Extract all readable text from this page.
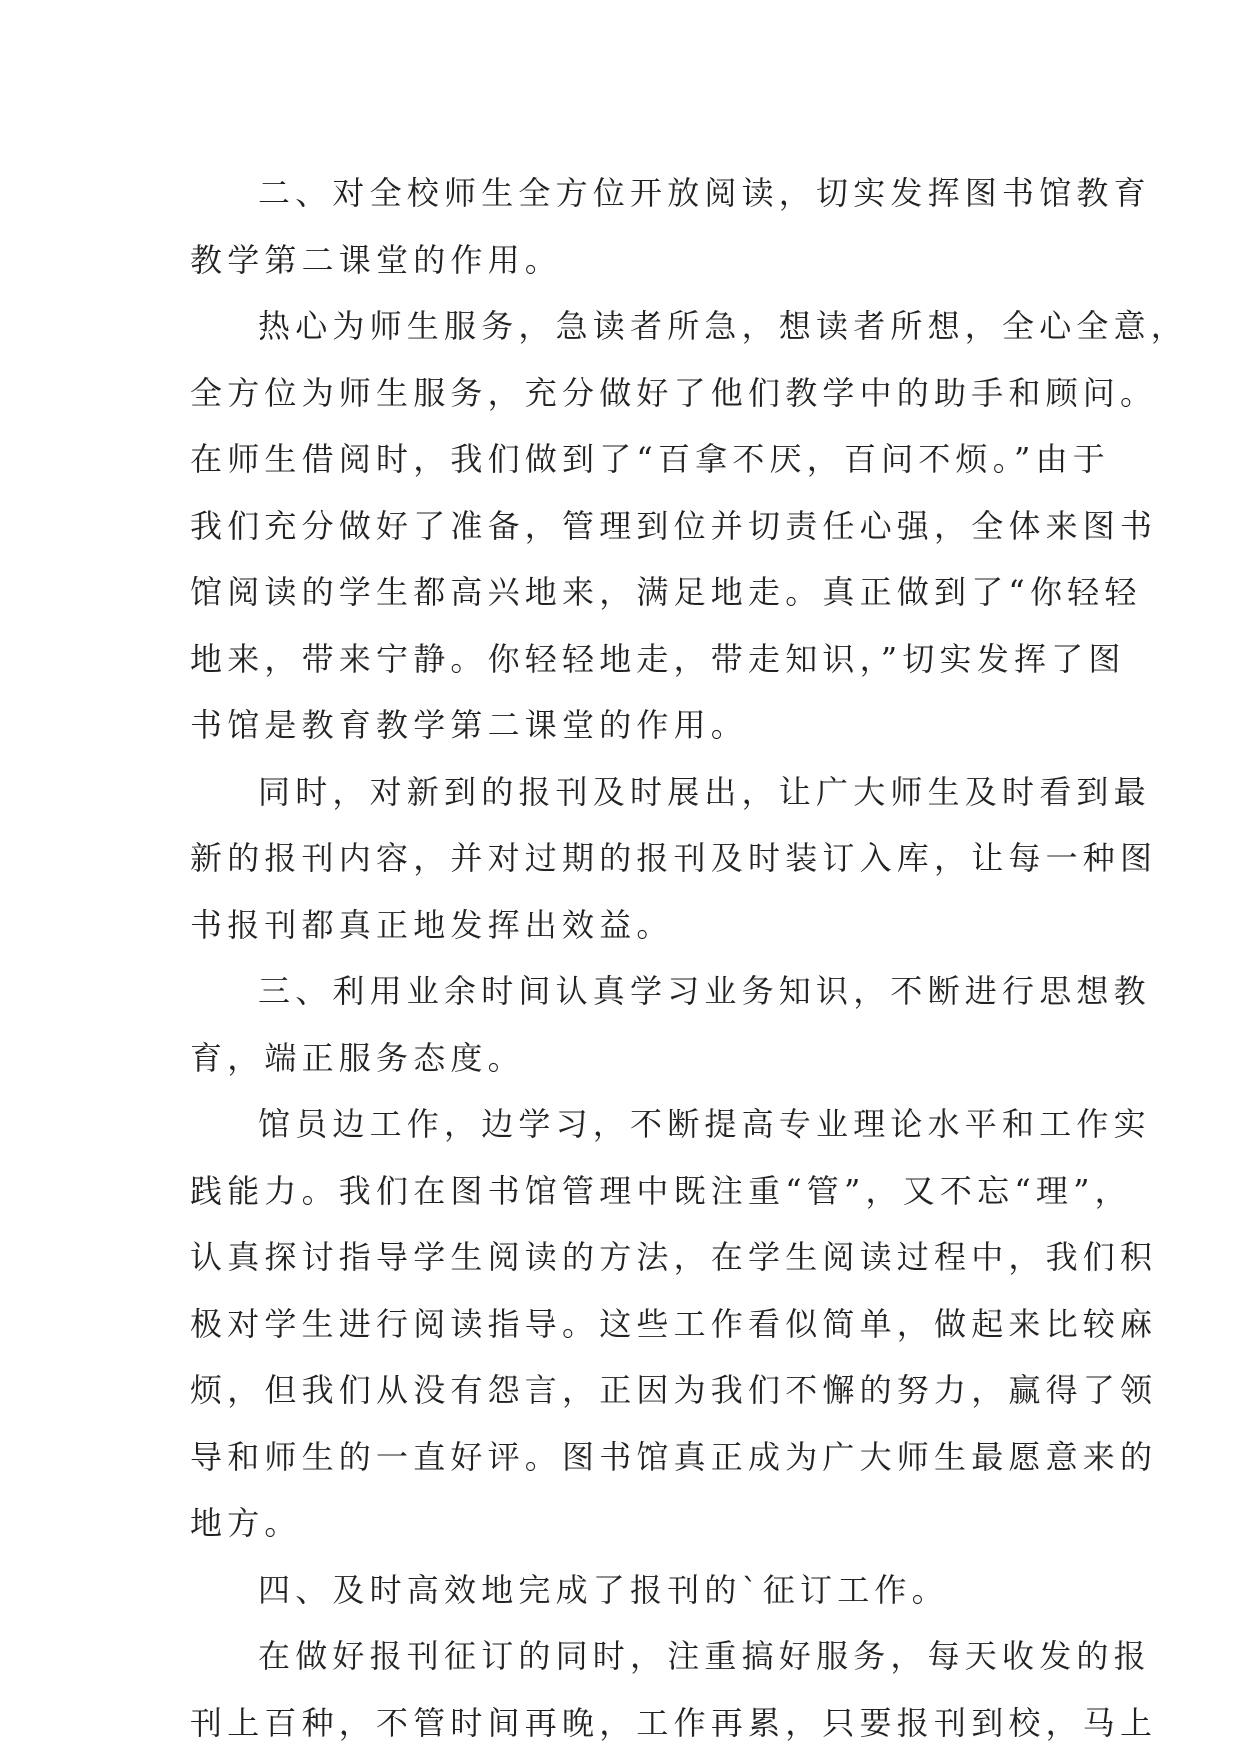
二、对全校师生全方位开放阅读，切实发挥图书馆教育
教学第二课堂的作用。
热心为师生服务，急读者所急，想读者所想，全心全意，
全方位为师生服务，充分做好了他们教学中的助手和顾问。
在师生借阅时，我们做到了“百拿不厌，百问不烦。”由于
我们充分做好了准备，管理到位并切责任心强，全体来图书
馆阅读的学生都高兴地来，满足地走。真正做到了“你轻轻
地来，带来宁静。你轻轻地走，带走知识，”切实发挥了图
书馆是教育教学第二课堂的作用。
同时，对新到的报刊及时展出，让广大师生及时看到最
新的报刊内容，并对过期的报刊及时装订入库，让每一种图
书报刊都真正地发挥出效益。
三、利用业余时间认真学习业务知识，不断进行思想教
育，端正服务态度。
馆员边工作，边学习，不断提高专业理论水平和工作实
践能力。我们在图书馆管理中既注重“管”，又不忘“理”，
认真探讨指导学生阅读的方法，在学生阅读过程中，我们积
极对学生进行阅读指导。这些工作看似简单，做起来比较麻
烦，但我们从没有怨言，正因为我们不懈的努力，赢得了领
导和师生的一直好评。图书馆真正成为广大师生最愿意来的
地方。
四、及时高效地完成了报刊的`征订工作。
在做好报刊征订的同时，注重搞好服务，每天收发的报
刊上百种，不管时间再晚，工作再累，只要报刊到校，马上
